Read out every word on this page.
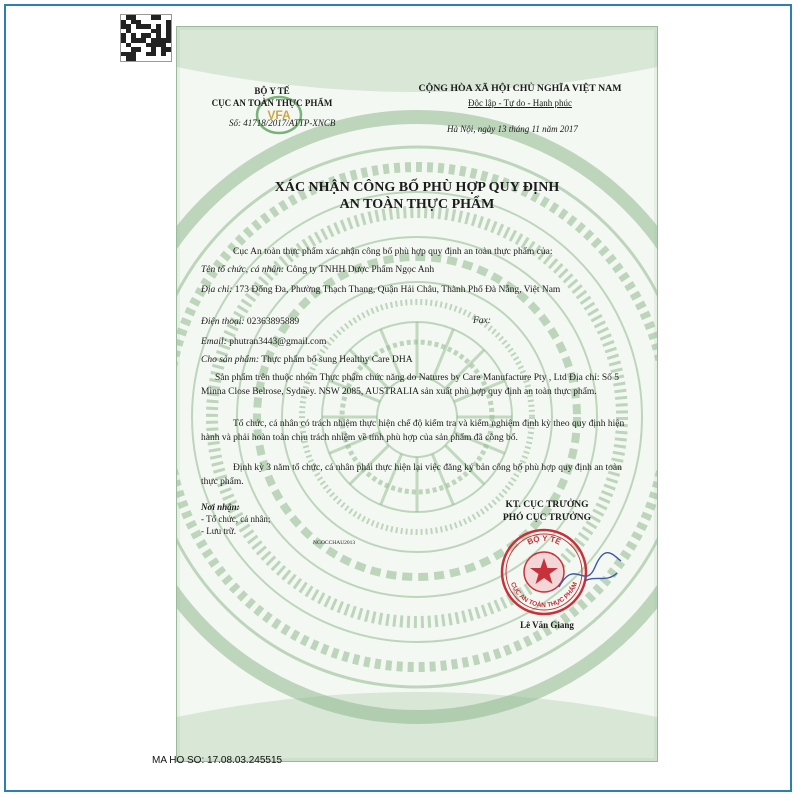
VFA
BỘ Y TẾ
CỤC AN TOÀN THỰC PHẨM
Số: 41718/2017/ATTP-XNCB
CỘNG HÒA XÃ HỘI CHỦ NGHĨA VIỆT NAM
Độc lập - Tự do - Hạnh phúc
Hà Nội, ngày 13 tháng 11 năm 2017
XÁC NHẬN CÔNG BỐ PHÙ HỢP QUY ĐỊNH
AN TOÀN THỰC PHẨM
Cục An toàn thực phẩm xác nhận công bố phù hợp quy định an toàn thực phẩm của:
Tên tổ chức, cá nhân: Công ty TNHH Dược Phẩm Ngọc Anh
Địa chỉ: 173 Đống Đa, Phường Thạch Thang, Quận Hải Châu, Thành Phố Đà Nẵng, Việt Nam
Điện thoại: 02363895889	Fax:
Email: phutran3443@gmail.com
Cho sản phẩm: Thực phẩm bổ sung Healthy Care DHA
Sản phẩm trên thuộc nhóm Thực phẩm chức năng do Natures by Care Manufacture Pty , Ltd Địa chỉ: Số 5 Minna Close Belrose, Sydney. NSW 2085, AUSTRALIA sản xuất phù hợp quy định an toàn thực phẩm.
Tổ chức, cá nhân có trách nhiệm thực hiện chế độ kiểm tra và kiểm nghiệm định kỳ theo quy định hiện hành và phải hoàn toàn chịu trách nhiệm về tính phù hợp của sản phẩm đã công bố.
Định kỳ 3 năm tổ chức, cá nhân phải thực hiện lại việc đăng ký bản công bố phù hợp quy định an toàn thực phẩm.
Nơi nhận:
- Tổ chức, cá nhân;
- Lưu trữ.
NGOCCHAU2013
KT. CỤC TRƯỞNG
PHÓ CỤC TRƯỞNG
BỘ Y TẾ
CỤC AN TOÀN THỰC PHẨM
Lê Văn Giang
MA HO SO: 17.08.03.245515
